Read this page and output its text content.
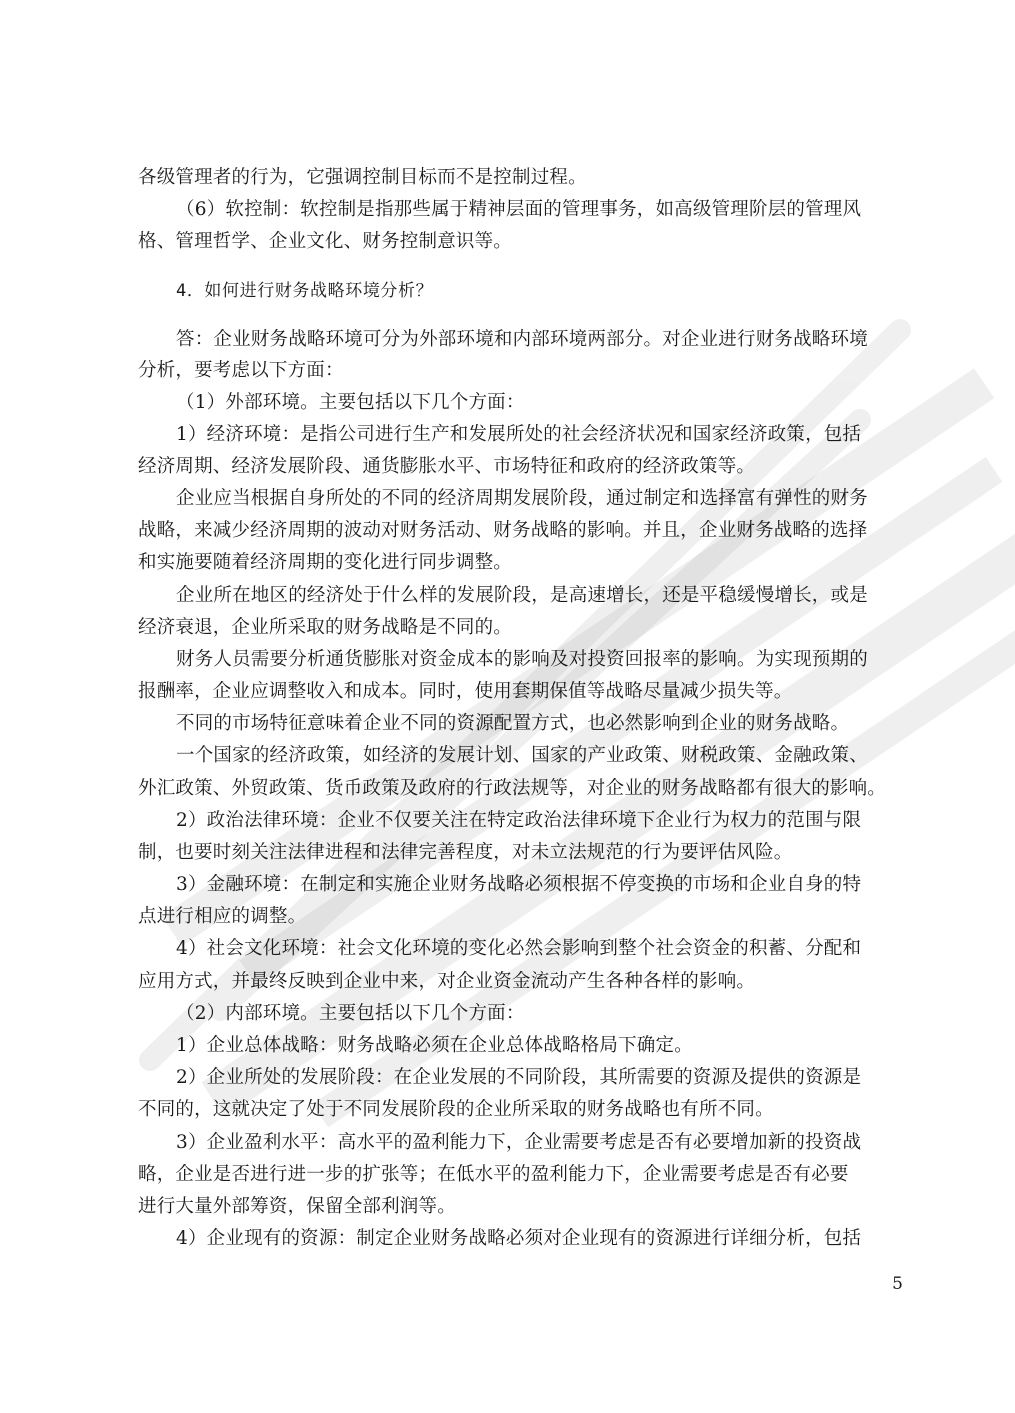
各级管理者的行为，它强调控制目标而不是控制过程。
（6）软控制：软控制是指那些属于精神层面的管理事务，如高级管理阶层的管理风
格、管理哲学、企业文化、财务控制意识等。
4．如何进行财务战略环境分析？
答：企业财务战略环境可分为外部环境和内部环境两部分。对企业进行财务战略环境
分析，要考虑以下方面：
（1）外部环境。主要包括以下几个方面：
1）经济环境：是指公司进行生产和发展所处的社会经济状况和国家经济政策，包括
经济周期、经济发展阶段、通货膨胀水平、市场特征和政府的经济政策等。
企业应当根据自身所处的不同的经济周期发展阶段，通过制定和选择富有弹性的财务
战略，来减少经济周期的波动对财务活动、财务战略的影响。并且，企业财务战略的选择
和实施要随着经济周期的变化进行同步调整。
企业所在地区的经济处于什么样的发展阶段，是高速增长，还是平稳缓慢增长，或是
经济衰退，企业所采取的财务战略是不同的。
财务人员需要分析通货膨胀对资金成本的影响及对投资回报率的影响。为实现预期的
报酬率，企业应调整收入和成本。同时，使用套期保值等战略尽量减少损失等。
不同的市场特征意味着企业不同的资源配置方式，也必然影响到企业的财务战略。
一个国家的经济政策，如经济的发展计划、国家的产业政策、财税政策、金融政策、
外汇政策、外贸政策、货币政策及政府的行政法规等，对企业的财务战略都有很大的影响。
2）政治法律环境：企业不仅要关注在特定政治法律环境下企业行为权力的范围与限
制，也要时刻关注法律进程和法律完善程度，对未立法规范的行为要评估风险。
3）金融环境：在制定和实施企业财务战略必须根据不停变换的市场和企业自身的特
点进行相应的调整。
4）社会文化环境：社会文化环境的变化必然会影响到整个社会资金的积蓄、分配和
应用方式，并最终反映到企业中来，对企业资金流动产生各种各样的影响。
（2）内部环境。主要包括以下几个方面：
1）企业总体战略：财务战略必须在企业总体战略格局下确定。
2）企业所处的发展阶段：在企业发展的不同阶段，其所需要的资源及提供的资源是
不同的，这就决定了处于不同发展阶段的企业所采取的财务战略也有所不同。
3）企业盈利水平：高水平的盈利能力下，企业需要考虑是否有必要增加新的投资战
略，企业是否进行进一步的扩张等；在低水平的盈利能力下，企业需要考虑是否有必要
进行大量外部筹资，保留全部利润等。
4）企业现有的资源：制定企业财务战略必须对企业现有的资源进行详细分析，包括
5
